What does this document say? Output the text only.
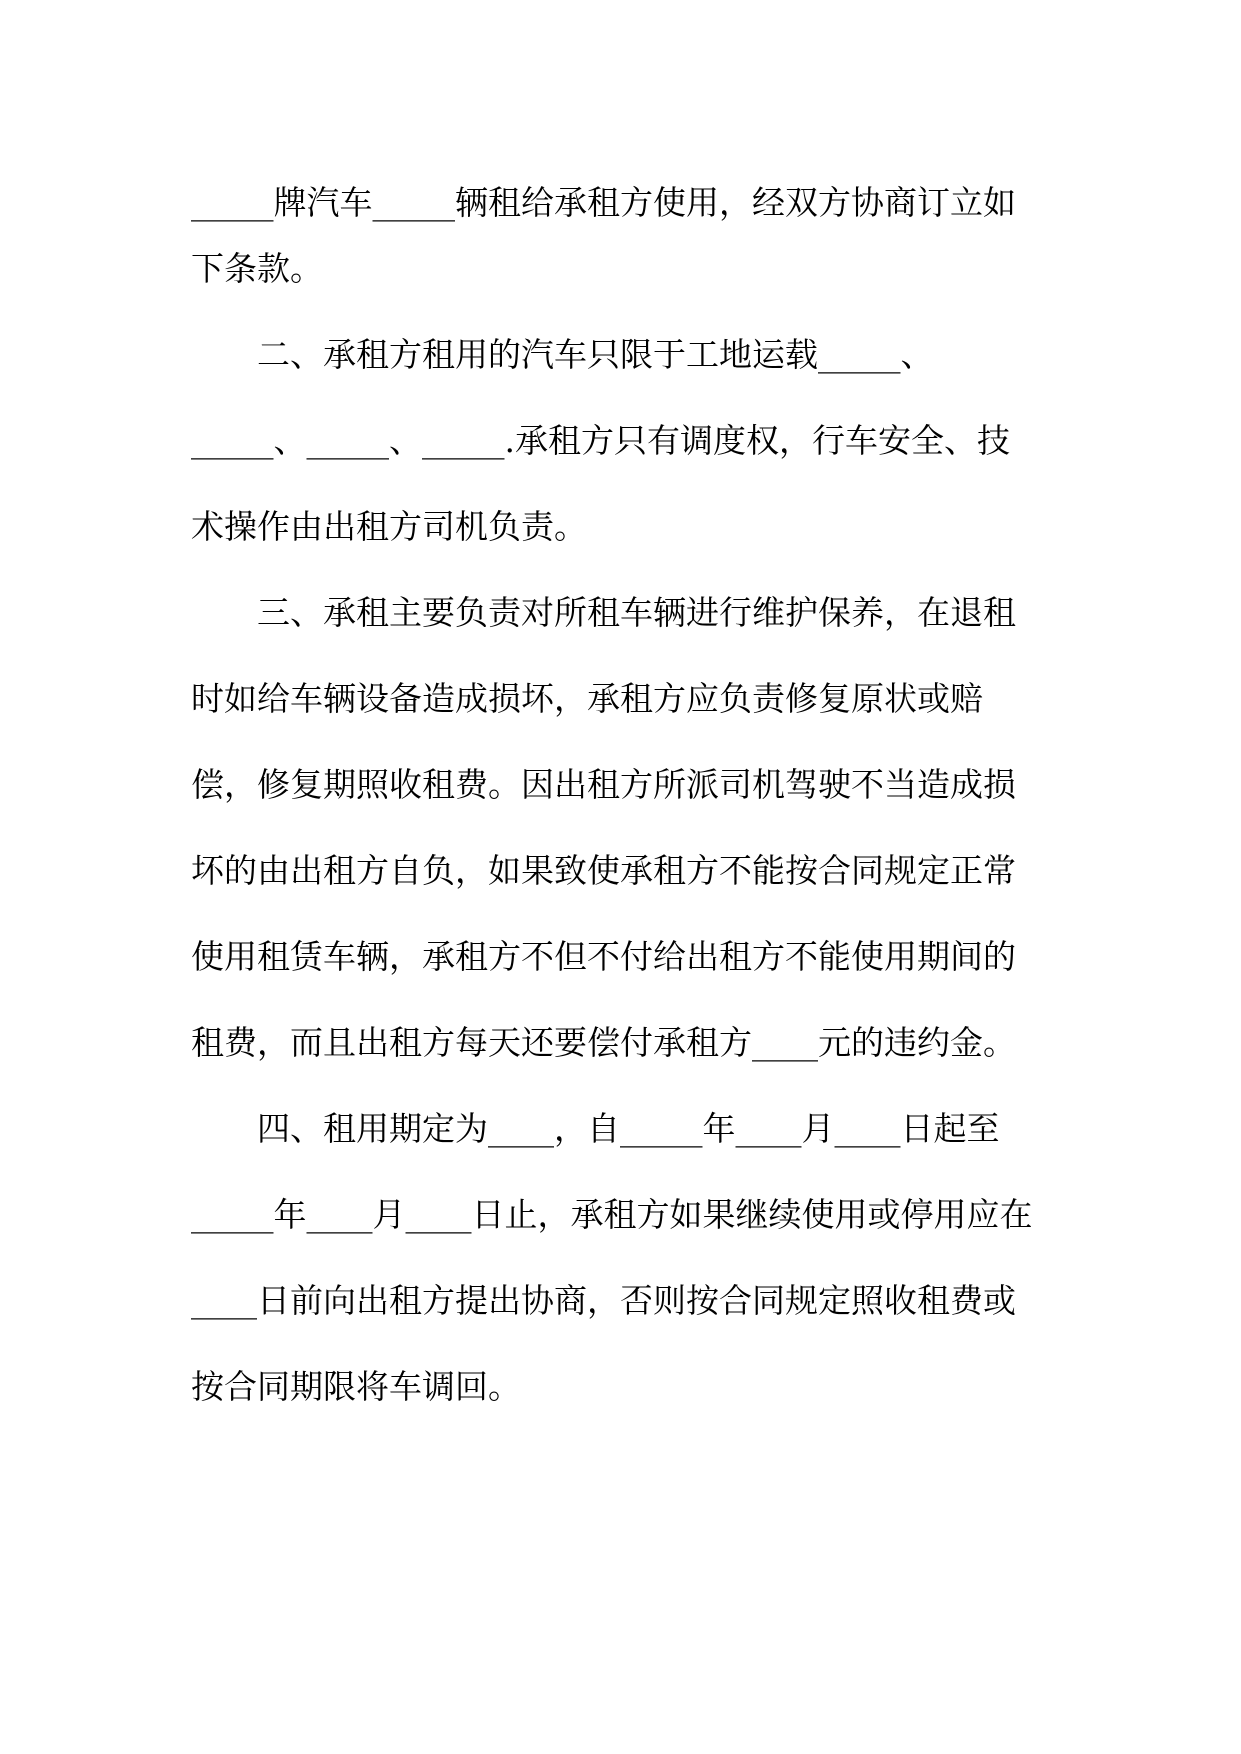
_____牌汽车_____辆租给承租方使用，经双方协商订立如
下条款。
二、承租方租用的汽车只限于工地运载_____、
_____、_____、_____.承租方只有调度权，行车安全、技
术操作由出租方司机负责。
三、承租主要负责对所租车辆进行维护保养，在退租
时如给车辆设备造成损坏，承租方应负责修复原状或赔
偿，修复期照收租费。因出租方所派司机驾驶不当造成损
坏的由出租方自负，如果致使承租方不能按合同规定正常
使用租赁车辆，承租方不但不付给出租方不能使用期间的
租费，而且出租方每天还要偿付承租方____元的违约金。
四、租用期定为____，自_____年____月____日起至
_____年____月____日止，承租方如果继续使用或停用应在
____日前向出租方提出协商，否则按合同规定照收租费或
按合同期限将车调回。
